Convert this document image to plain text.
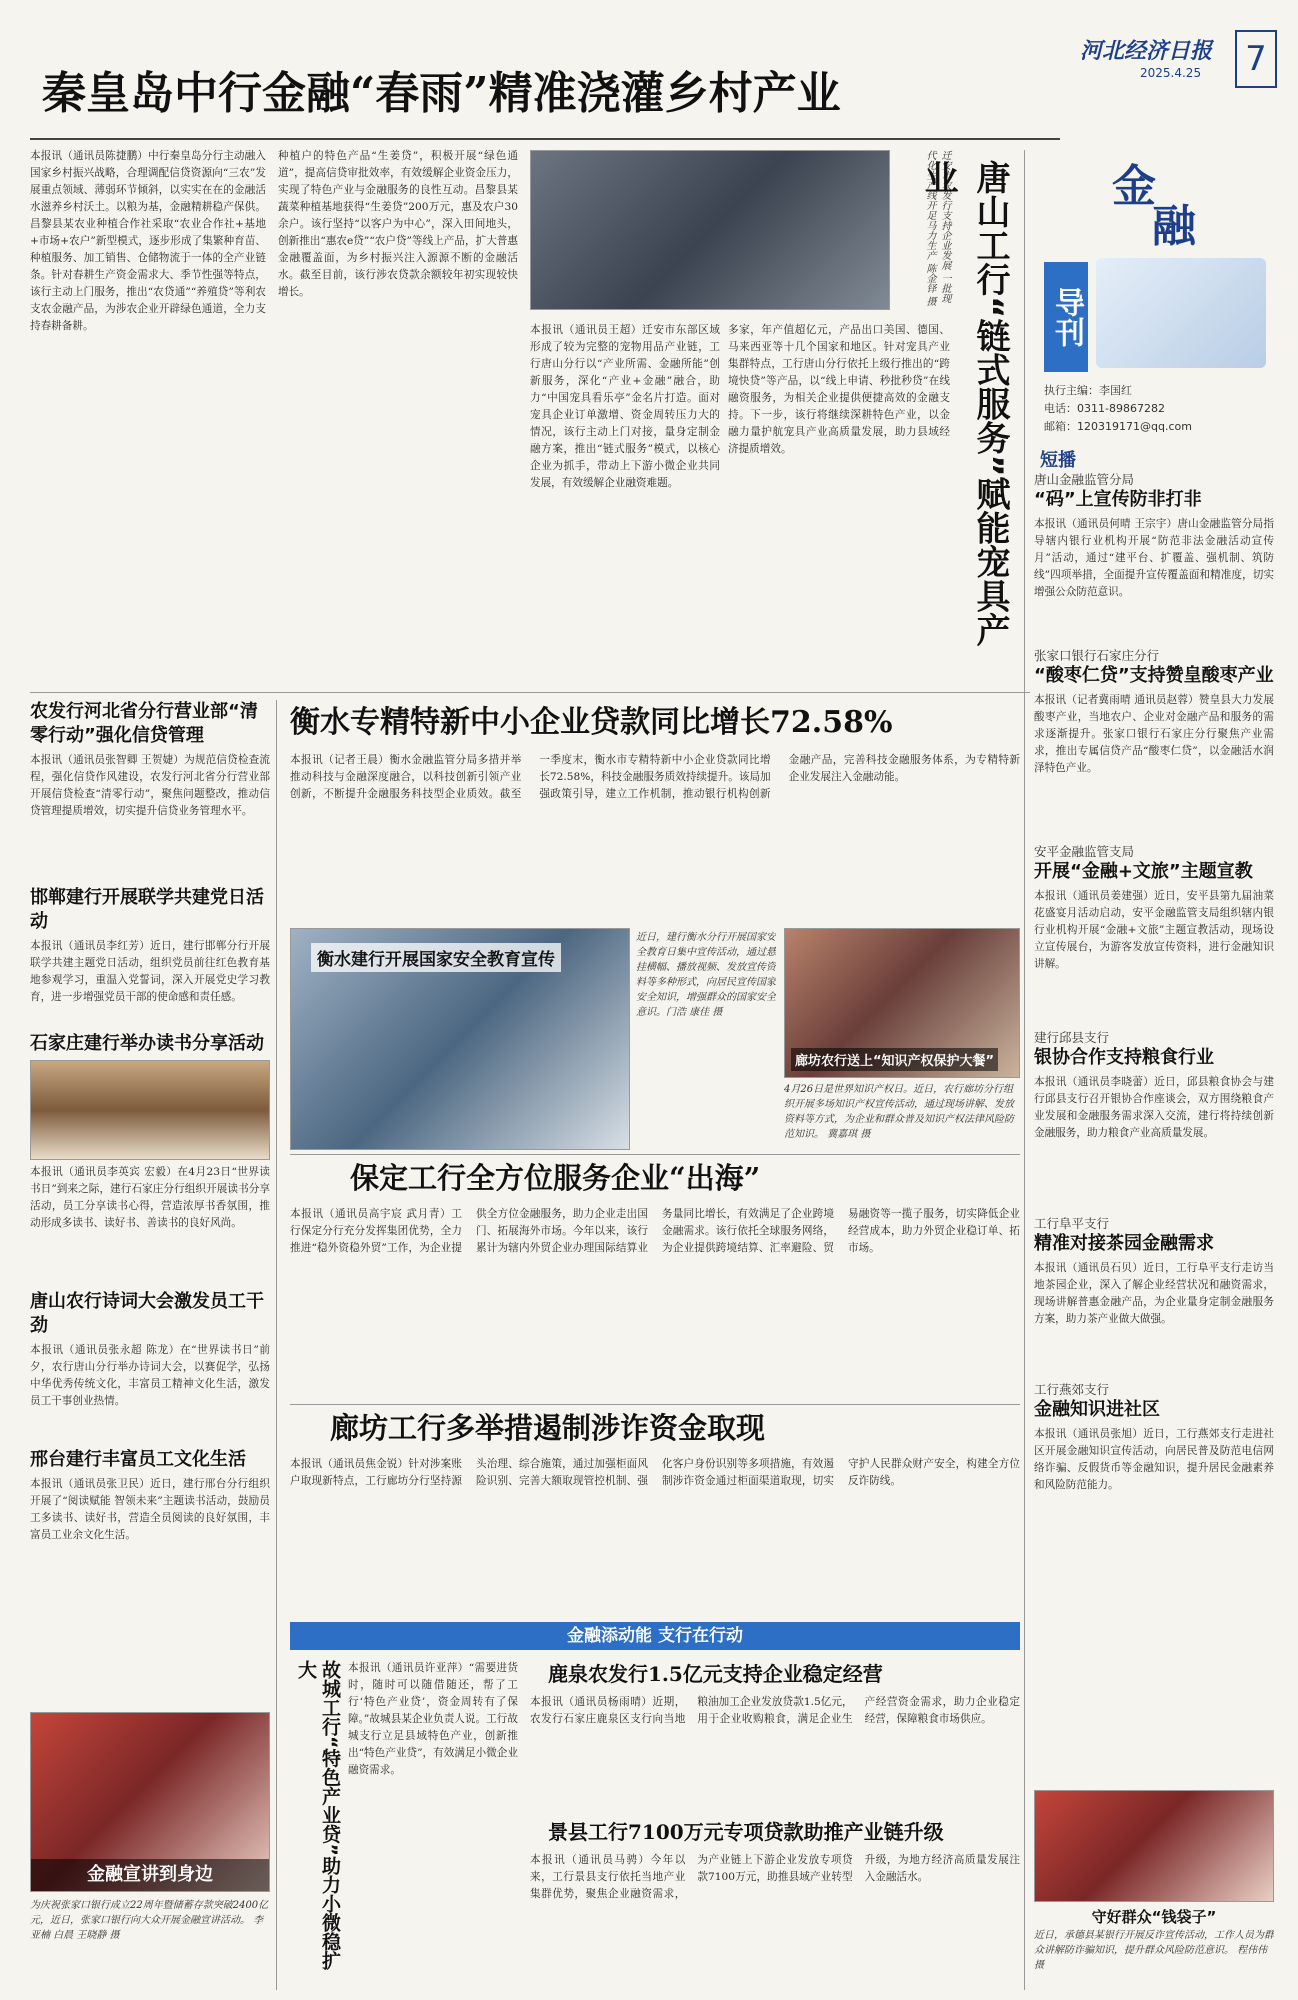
河北经济日报
2025.4.25 7
秦皇岛中行金融“春雨”精准浇灌乡村产业
本报讯（通讯员陈捷鹏）中行秦皇岛分行主动融入国家乡村振兴战略，合理调配信贷资源向“三农”发展重点领域、薄弱环节倾斜，以实实在在的金融活水滋养乡村沃土。以粮为基，金融精耕稳产保供。昌黎县某农业种植合作社采取“农业合作社+基地+市场+农户”新型模式，逐步形成了集繁种育苗、种植服务、加工销售、仓储物流于一体的全产业链条。针对春耕生产资金需求大、季节性强等特点，该行主动上门服务，推出“农贷通”“养殖贷”等利农支农金融产品，为涉农企业开辟绿色通道，全力支持春耕备耕。
种植户的特色产品“生姜贷”，积极开展“绿色通道”，提高信贷审批效率，有效缓解企业资金压力，实现了特色产业与金融服务的良性互动。昌黎县某蔬菜种植基地获得“生姜贷”200万元，惠及农户30余户。该行坚持“以客户为中心”，深入田间地头，创新推出“惠农e贷”“农户贷”等线上产品，扩大普惠金融覆盖面，为乡村振兴注入源源不断的金融活水。截至目前，该行涉农贷款余额较年初实现较快增长。	迁安市农发行支持企业发展 一批现代化生产线开足马力生产 陈金铎 摄	唐山工行“链式服务”赋能宠具产业
本报讯（通讯员王超）迁安市东部区域形成了较为完整的宠物用品产业链，工行唐山分行以“产业所需、金融所能”创新服务，深化“产业+金融”融合，助力“中国宠具看乐亭”金名片打造。面对宠具企业订单激增、资金周转压力大的情况，该行主动上门对接，量身定制金融方案，推出“链式服务”模式，以核心企业为抓手，带动上下游小微企业共同发展，有效缓解企业融资难题。
多家，年产值超亿元，产品出口美国、德国、马来西亚等十几个国家和地区。针对宠具产业集群特点，工行唐山分行依托上级行推出的“跨境快贷”等产品，以“线上申请、秒批秒贷”在线融资服务，为相关企业提供便捷高效的金融支持。下一步，该行将继续深耕特色产业，以金融力量护航宠具产业高质量发展，助力县域经济提质增效。
金
融
导刊
执行主编：李国红
电话：0311-89867282
邮箱：120319171@qq.com
短播
唐山金融监管分局
“码”上宣传防非打非
本报讯（通讯员何晴 王宗宇）唐山金融监管分局指导辖内银行业机构开展“防范非法金融活动宣传月”活动，通过“建平台、扩覆盖、强机制、筑防线”四项举措，全面提升宣传覆盖面和精准度，切实增强公众防范意识。
张家口银行石家庄分行
“酸枣仁贷”支持赞皇酸枣产业
本报讯（记者冀雨晴 通讯员赵蓉）赞皇县大力发展酸枣产业，当地农户、企业对金融产品和服务的需求逐渐提升。张家口银行石家庄分行聚焦产业需求，推出专属信贷产品“酸枣仁贷”，以金融活水润泽特色产业。
安平金融监管支局
开展“金融+文旅”主题宣教
本报讯（通讯员姜建强）近日，安平县第九届油菜花盛宴月活动启动，安平金融监管支局组织辖内银行业机构开展“金融+文旅”主题宣教活动，现场设立宣传展台，为游客发放宣传资料，进行金融知识讲解。
建行邱县支行
银协合作支持粮食行业
本报讯（通讯员李晓蕾）近日，邱县粮食协会与建行邱县支行召开银协合作座谈会，双方围绕粮食产业发展和金融服务需求深入交流，建行将持续创新金融服务，助力粮食产业高质量发展。
工行阜平支行
精准对接茶园金融需求
本报讯（通讯员石贝）近日，工行阜平支行走访当地茶园企业，深入了解企业经营状况和融资需求，现场讲解普惠金融产品，为企业量身定制金融服务方案，助力茶产业做大做强。
工行燕郊支行
金融知识进社区
本报讯（通讯员张旭）近日，工行燕郊支行走进社区开展金融知识宣传活动，向居民普及防范电信网络诈骗、反假货币等金融知识，提升居民金融素养和风险防范能力。
农发行河北省分行营业部“清零行动”强化信贷管理
本报讯（通讯员张智卿 王贺婕）为规范信贷检查流程，强化信贷作风建设，农发行河北省分行营业部开展信贷检查“清零行动”，聚焦问题整改，推动信贷管理提质增效，切实提升信贷业务管理水平。
邯郸建行开展联学共建党日活动
本报讯（通讯员李红芳）近日，建行邯郸分行开展联学共建主题党日活动，组织党员前往红色教育基地参观学习，重温入党誓词，深入开展党史学习教育，进一步增强党员干部的使命感和责任感。
石家庄建行举办读书分享活动
本报讯（通讯员李英宾 宏毅）在4月23日“世界读书日”到来之际，建行石家庄分行组织开展读书分享活动，员工分享读书心得，营造浓厚书香氛围，推动形成多读书、读好书、善读书的良好风尚。
唐山农行诗词大会激发员工干劲
本报讯（通讯员张永超 陈龙）在“世界读书日”前夕，农行唐山分行举办诗词大会，以赛促学，弘扬中华优秀传统文化，丰富员工精神文化生活，激发员工干事创业热情。
邢台建行丰富员工文化生活
本报讯（通讯员张卫民）近日，建行邢台分行组织开展了“阅读赋能 智领未来”主题读书活动，鼓励员工多读书、读好书，营造全员阅读的良好氛围，丰富员工业余文化生活。
金融宣讲到身边
为庆祝张家口银行成立22周年暨储蓄存款突破2400亿元，近日，张家口银行向大众开展金融宣讲活动。 李亚楠 白晨 王晓静 摄
衡水专精特新中小企业贷款同比增长72.58%
本报讯（记者王晨）衡水金融监管分局多措并举推动科技与金融深度融合，以科技创新引领产业创新，不断提升金融服务科技型企业质效。截至一季度末，衡水市专精特新中小企业贷款同比增长72.58%，科技金融服务质效持续提升。该局加强政策引导，建立工作机制，推动银行机构创新金融产品，完善科技金融服务体系，为专精特新企业发展注入金融动能。
衡水建行开展国家安全教育宣传
近日，建行衡水分行开展国家安全教育日集中宣传活动，通过悬挂横幅、播放视频、发放宣传资料等多种形式，向居民宣传国家安全知识，增强群众的国家安全意识。门浩 康佳 摄
廊坊农行送上“知识产权保护大餐”
4月26日是世界知识产权日。近日，农行廊坊分行组织开展多场知识产权宣传活动，通过现场讲解、发放资料等方式，为企业和群众普及知识产权法律风险防范知识。 冀嘉琪 摄
保定工行全方位服务企业“出海”
本报讯（通讯员高宇宸 武月青）工行保定分行充分发挥集团优势，全力推进“稳外资稳外贸”工作，为企业提供全方位金融服务，助力企业走出国门、拓展海外市场。今年以来，该行累计为辖内外贸企业办理国际结算业务量同比增长，有效满足了企业跨境金融需求。该行依托全球服务网络，为企业提供跨境结算、汇率避险、贸易融资等一揽子服务，切实降低企业经营成本，助力外贸企业稳订单、拓市场。
廊坊工行多举措遏制涉诈资金取现
本报讯（通讯员焦金锐）针对涉案账户取现新特点，工行廊坊分行坚持源头治理、综合施策，通过加强柜面风险识别、完善大额取现管控机制、强化客户身份识别等多项措施，有效遏制涉诈资金通过柜面渠道取现，切实守护人民群众财产安全，构建全方位反诈防线。
金融添动能 支行在行动
故城工行“特色产业贷”助力小微稳扩大	本报讯（通讯员许亚萍）“需要进货时，随时可以随借随还，帮了工行‘特色产业贷’，资金周转有了保障。”故城县某企业负责人说。工行故城支行立足县域特色产业，创新推出“特色产业贷”，有效满足小微企业融资需求。
鹿泉农发行1.5亿元支持企业稳定经营
本报讯（通讯员杨雨晴）近期，农发行石家庄鹿泉区支行向当地粮油加工企业发放贷款1.5亿元，用于企业收购粮食，满足企业生产经营资金需求，助力企业稳定经营，保障粮食市场供应。
景县工行7100万元专项贷款助推产业链升级
本报讯（通讯员马骋）今年以来，工行景县支行依托当地产业集群优势，聚焦企业融资需求，为产业链上下游企业发放专项贷款7100万元，助推县域产业转型升级，为地方经济高质量发展注入金融活水。
守好群众“钱袋子”
近日，承德县某银行开展反诈宣传活动，工作人员为群众讲解防诈骗知识，提升群众风险防范意识。 程伟伟 摄
